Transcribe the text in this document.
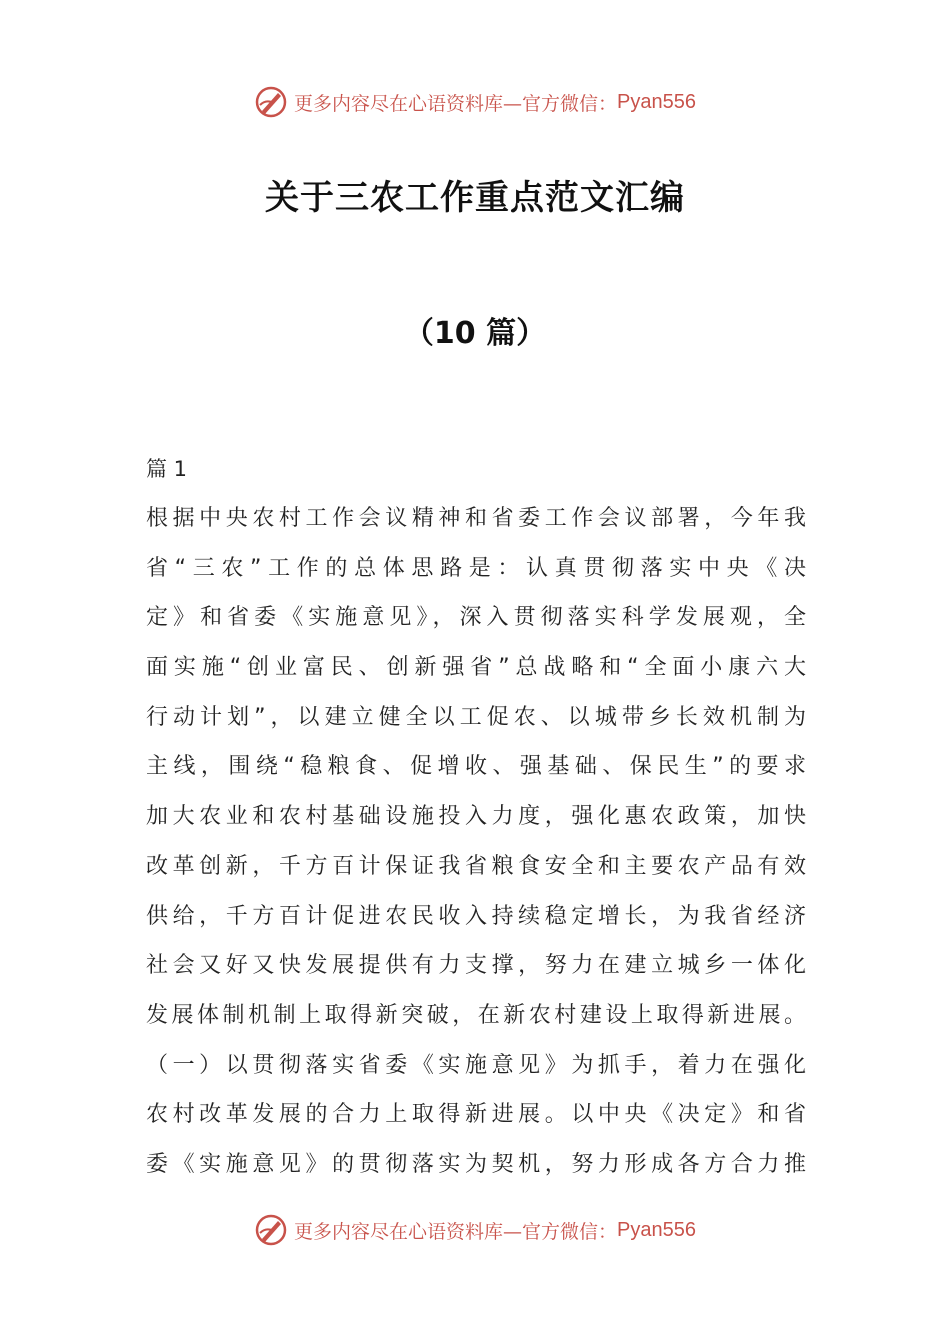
更多内容尽在心语资料库—官方微信： Pyan556
关于三农工作重点范文汇编
（10 篇）
篇 1
根据中央农村工作会议精神和省委工作会议部署，今年我
省“三农”工作的总体思路是：认真贯彻落实中央《决
定》和省委《实施意见》，深入贯彻落实科学发展观，全
面实施“创业富民、创新强省”总战略和“全面小康六大
行动计划”，以建立健全以工促农、以城带乡长效机制为
主线，围绕“稳粮食、促增收、强基础、保民生”的要求
加大农业和农村基础设施投入力度，强化惠农政策，加快
改革创新，千方百计保证我省粮食安全和主要农产品有效
供给，千方百计促进农民收入持续稳定增长，为我省经济
社会又好又快发展提供有力支撑，努力在建立城乡一体化
发展体制机制上取得新突破，在新农村建设上取得新进展。
（一）以贯彻落实省委《实施意见》为抓手，着力在强化
农村改革发展的合力上取得新进展。以中央《决定》和省
委《实施意见》的贯彻落实为契机，努力形成各方合力推
更多内容尽在心语资料库—官方微信： Pyan556
